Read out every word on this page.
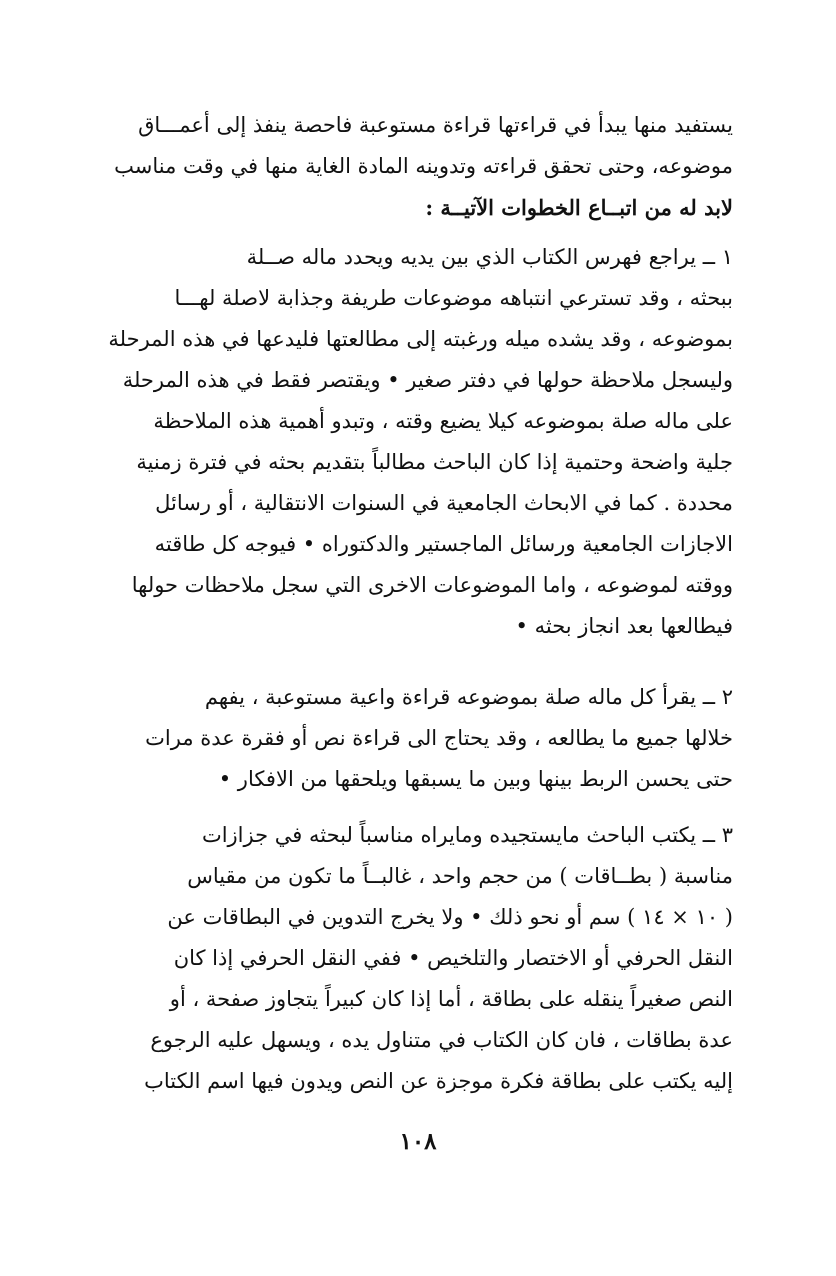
يستفيد منها يبدأ في قراءتها قراءة مستوعبة فاحصة ينفذ إلى أعمـــاق
موضوعه، وحتى تحقق قراءته وتدوينه المادة الغاية منها في وقت مناسب
لابد له من اتبــاع الخطوات الآتيــة :
١ ــ يراجع فهرس الكتاب الذي بين يديه ويحدد ماله صــلة
ببحثه ، وقد تسترعي انتباهه موضوعات طريفة وجذابة لاصلة لهـــا
بموضوعه ، وقد يشده ميله ورغبته إلى مطالعتها فليدعها في هذه المرحلة
وليسجل ملاحظة حولها في دفتر صغير • ويقتصر فقط في هذه المرحلة
على ماله صلة بموضوعه كيلا يضيع وقته ، وتبدو أهمية هذه الملاحظة
جلية واضحة وحتمية إذا كان الباحث مطالباً بتقديم بحثه في فترة زمنية
محددة . كما في الابحاث الجامعية في السنوات الانتقالية ، أو رسائل
الاجازات الجامعية ورسائل الماجستير والدكتوراه • فيوجه كل طاقته
ووقته لموضوعه ، واما الموضوعات الاخرى التي سجل ملاحظات حولها
فيطالعها بعد انجاز بحثه •
٢ ــ يقرأ كل ماله صلة بموضوعه قراءة واعية مستوعبة ، يفهم
خلالها جميع ما يطالعه ، وقد يحتاج الى قراءة نص أو فقرة عدة مرات
حتى يحسن الربط بينها وبين ما يسبقها ويلحقها من الافكار •
٣ ــ يكتب الباحث مايستجيده ومايراه مناسباً لبحثه في جزازات
مناسبة ( بطــاقات ) من حجم واحد ، غالبــاً ما تكون من مقياس
( ١٠ × ١٤ ) سم أو نحو ذلك • ولا يخرج التدوين في البطاقات عن
النقل الحرفي أو الاختصار والتلخيص • ففي النقل الحرفي إذا كان
النص صغيراً ينقله على بطاقة ، أما إذا كان كبيراً يتجاوز صفحة ، أو
عدة بطاقات ، فان كان الكتاب في متناول يده ، ويسهل عليه الرجوع
إليه يكتب على بطاقة فكرة موجزة عن النص ويدون فيها اسم الكتاب
١٠٨
